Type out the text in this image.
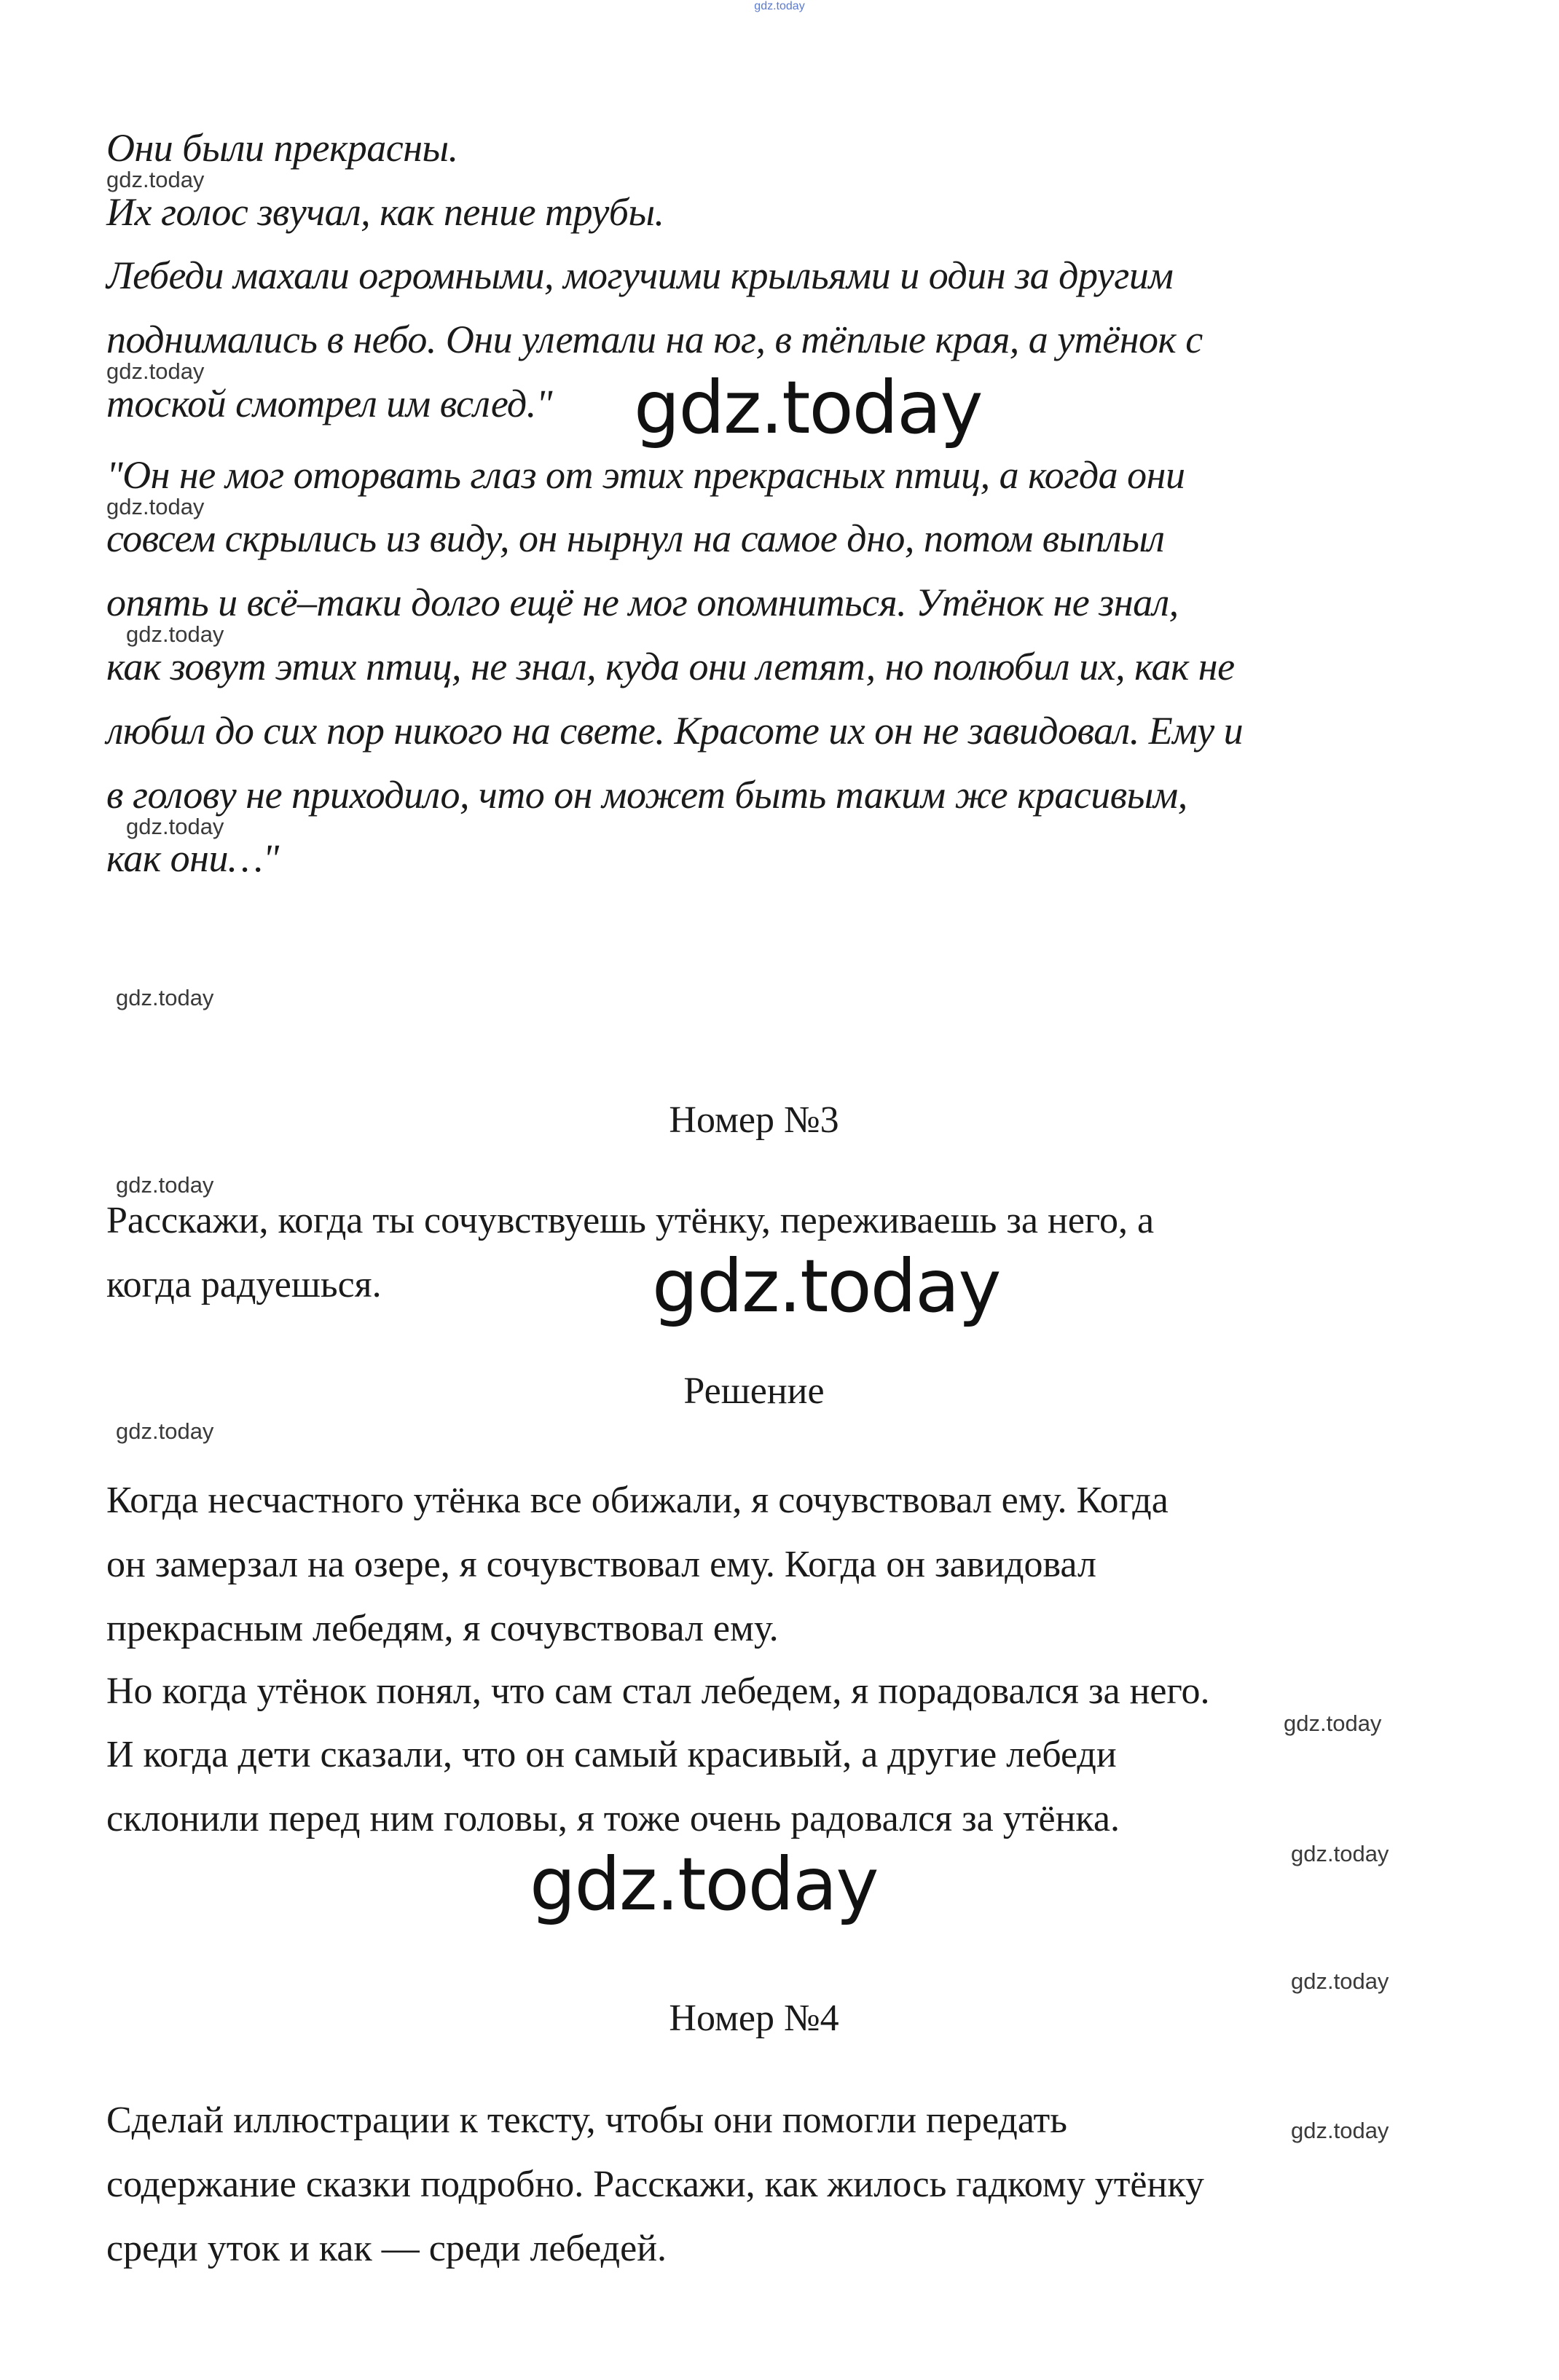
gdz.today
Они были прекрасны.
Их голос звучал, как пение трубы.
Лебеди махали огромными, могучими крыльями и один за другим
поднимались в небо. Они улетали на юг, в тёплые края, а утёнок с
тоской смотрел им вслед."
"Он не мог оторвать глаз от этих прекрасных птиц, а когда они
совсем скрылись из виду, он нырнул на самое дно, потом выплыл
опять и всё–таки долго ещё не мог опомниться. Утёнок не знал,
как зовут этих птиц, не знал, куда они летят, но полюбил их, как не
любил до сих пор никого на свете. Красоте их он не завидовал. Ему и
в голову не приходило, что он может быть таким же красивым,
как они…"
Номер №3
Расскажи, когда ты сочувствуешь утёнку, переживаешь за него, а
когда радуешься.
Решение
Когда несчастного утёнка все обижали, я сочувствовал ему. Когда
он замерзал на озере, я сочувствовал ему. Когда он завидовал
прекрасным лебедям, я сочувствовал ему.
Но когда утёнок понял, что сам стал лебедем, я порадовался за него.
И когда дети сказали, что он самый красивый, а другие лебеди
склонили перед ним головы, я тоже очень радовался за утёнка.
Номер №4
Сделай иллюстрации к тексту, чтобы они помогли передать
содержание сказки подробно. Расскажи, как жилось гадкому утёнку
среди уток и как — среди лебедей.
gdz.today
gdz.today
gdz.today
gdz.today
gdz.today
gdz.today
gdz.today
gdz.today
gdz.today
gdz.today
gdz.today
gdz.today
gdz.today
gdz.today
gdz.today
